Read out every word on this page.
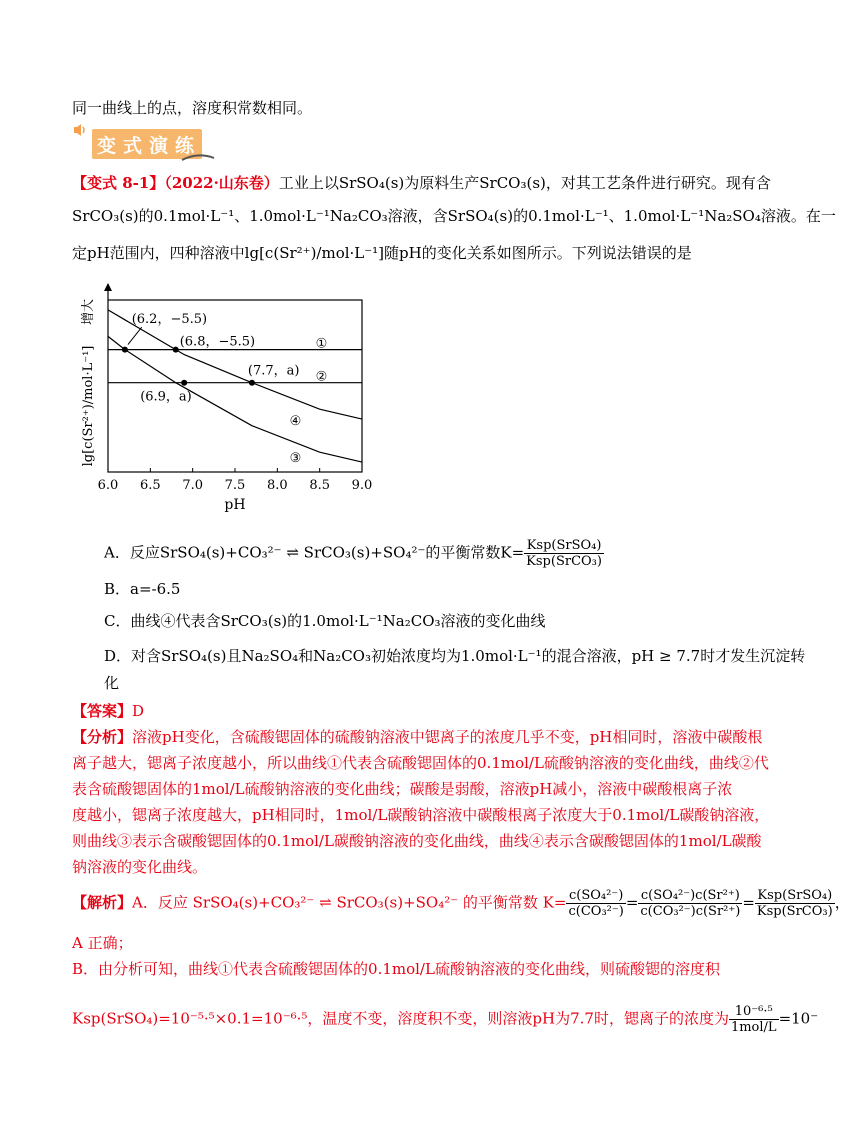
同一曲线上的点，溶度积常数相同。
变 式 演 练
【变式 8-1】（2022·山东卷）工业上以SrSO₄(s)为原料生产SrCO₃(s)，对其工艺条件进行研究。现有含
SrCO₃(s)的0.1mol·L⁻¹、1.0mol·L⁻¹Na₂CO₃溶液，含SrSO₄(s)的0.1mol·L⁻¹、1.0mol·L⁻¹Na₂SO₄溶液。在一
定pH范围内，四种溶液中lg[c(Sr²⁺)/mol·L⁻¹]随pH的变化关系如图所示。下列说法错误的是
6.0 6.5 7.0 7.5 8.0 8.5 9.0
pH
lg[c(Sr²⁺)/mol·L⁻¹]
增大
①
②
③
④
(6.2，−5.5)
(6.8，−5.5)
(7.7，a)
(6.9，a)
A．反应SrSO₄(s)+CO₃²⁻ ⇌ SrCO₃(s)+SO₄²⁻的平衡常数$K= \frac{\text{Ksp(SrSO₄)}}{\text{Ksp(SrCO₃)}}$
B．a=-6.5
C．曲线④代表含SrCO₃(s)的1.0mol·L⁻¹Na₂CO₃溶液的变化曲线
D．对含SrSO₄(s)且Na₂SO₄和Na₂CO₃初始浓度均为1.0mol·L⁻¹的混合溶液，pH ≥ 7.7时才发生沉淀转
化
【答案】D
【分析】溶液pH变化，含硫酸锶固体的硫酸钠溶液中锶离子的浓度几乎不变，pH相同时，溶液中碳酸根
离子越大，锶离子浓度越小，所以曲线①代表含硫酸锶固体的0.1mol/L硫酸钠溶液的变化曲线，曲线②代
表含硫酸锶固体的1mol/L硫酸钠溶液的变化曲线；碳酸是弱酸，溶液pH减小，溶液中碳酸根离子浓
度越小，锶离子浓度越大，pH相同时，1mol/L碳酸钠溶液中碳酸根离子浓度大于0.1mol/L碳酸钠溶液，
则曲线③表示含碳酸锶固体的0.1mol/L碳酸钠溶液的变化曲线，曲线④表示含碳酸锶固体的1mol/L碳酸
钠溶液的变化曲线。
【解析】A．反应 SrSO₄(s)+CO₃²⁻ ⇌ SrCO₃(s)+SO₄²⁻ 的平衡常数 $K= \frac{\text{c(SO₄²⁻)}}{\text{c(CO₃²⁻)}} = \frac{\text{c(SO₄²⁻)c(Sr²⁺)}}{\text{c(CO₃²⁻)c(Sr²⁺)}} = \frac{\text{Ksp(SrSO₄)}}{\text{Ksp(SrCO₃)}}$ ，
A 正确；
B．由分析可知，曲线①代表含硫酸锶固体的0.1mol/L硫酸钠溶液的变化曲线，则硫酸锶的溶度积
Ksp(SrSO₄)=10⁻⁵·⁵×0.1=10⁻⁶·⁵，温度不变，溶度积不变，则溶液pH为7.7时，锶离子的浓度为 $\frac{\text{10⁻⁶·⁵}}{\text{1mol/L}} =10^-$
